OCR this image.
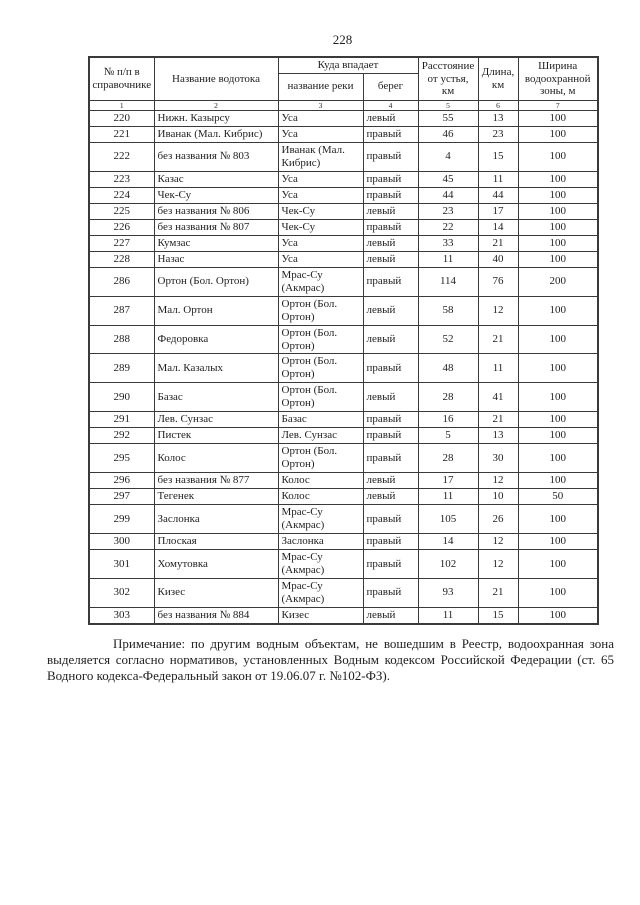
228
№ п/п в справочнике	Название водотока	Куда впадает		Расстояние от устья, км	Длина, км	Ширина водоохранной зоны, м
		название реки	берег			
1	2	3	4	5	6	7
220	Нижн. Казырсу	Уса	левый	55	13	100
221	Иванак (Мал. Кибрис)	Уса	правый	46	23	100
222	без названия № 803	Иванак (Мал. Кибрис)	правый	4	15	100
223	Казас	Уса	правый	45	11	100
224	Чек-Су	Уса	правый	44	44	100
225	без названия № 806	Чек-Су	левый	23	17	100
226	без названия № 807	Чек-Су	правый	22	14	100
227	Кумзас	Уса	левый	33	21	100
228	Назас	Уса	левый	11	40	100
286	Ортон (Бол. Ортон)	Мрас-Су (Акмрас)	правый	114	76	200
287	Мал. Ортон	Ортон (Бол. Ортон)	левый	58	12	100
288	Федоровка	Ортон (Бол. Ортон)	левый	52	21	100
289	Мал. Казалых	Ортон (Бол. Ортон)	правый	48	11	100
290	Базас	Ортон (Бол. Ортон)	левый	28	41	100
291	Лев. Сунзас	Базас	правый	16	21	100
292	Пистек	Лев. Сунзас	правый	5	13	100
295	Колос	Ортон (Бол. Ортон)	правый	28	30	100
296	без названия № 877	Колос	левый	17	12	100
297	Тегенек	Колос	левый	11	10	50
299	Заслонка	Мрас-Су (Акмрас)	правый	105	26	100
300	Плоская	Заслонка	правый	14	12	100
301	Хомутовка	Мрас-Су (Акмрас)	правый	102	12	100
302	Кизес	Мрас-Су (Акмрас)	правый	93	21	100
303	без названия № 884	Кизес	левый	11	15	100

Примечание: по другим водным объектам, не вошедшим в Реестр, водоохранная зона выделяется согласно нормативов, установленных Водным кодексом Российской Федерации (ст. 65 Водного кодекса-Федеральный закон от 19.06.07 г. №102-ФЗ).
